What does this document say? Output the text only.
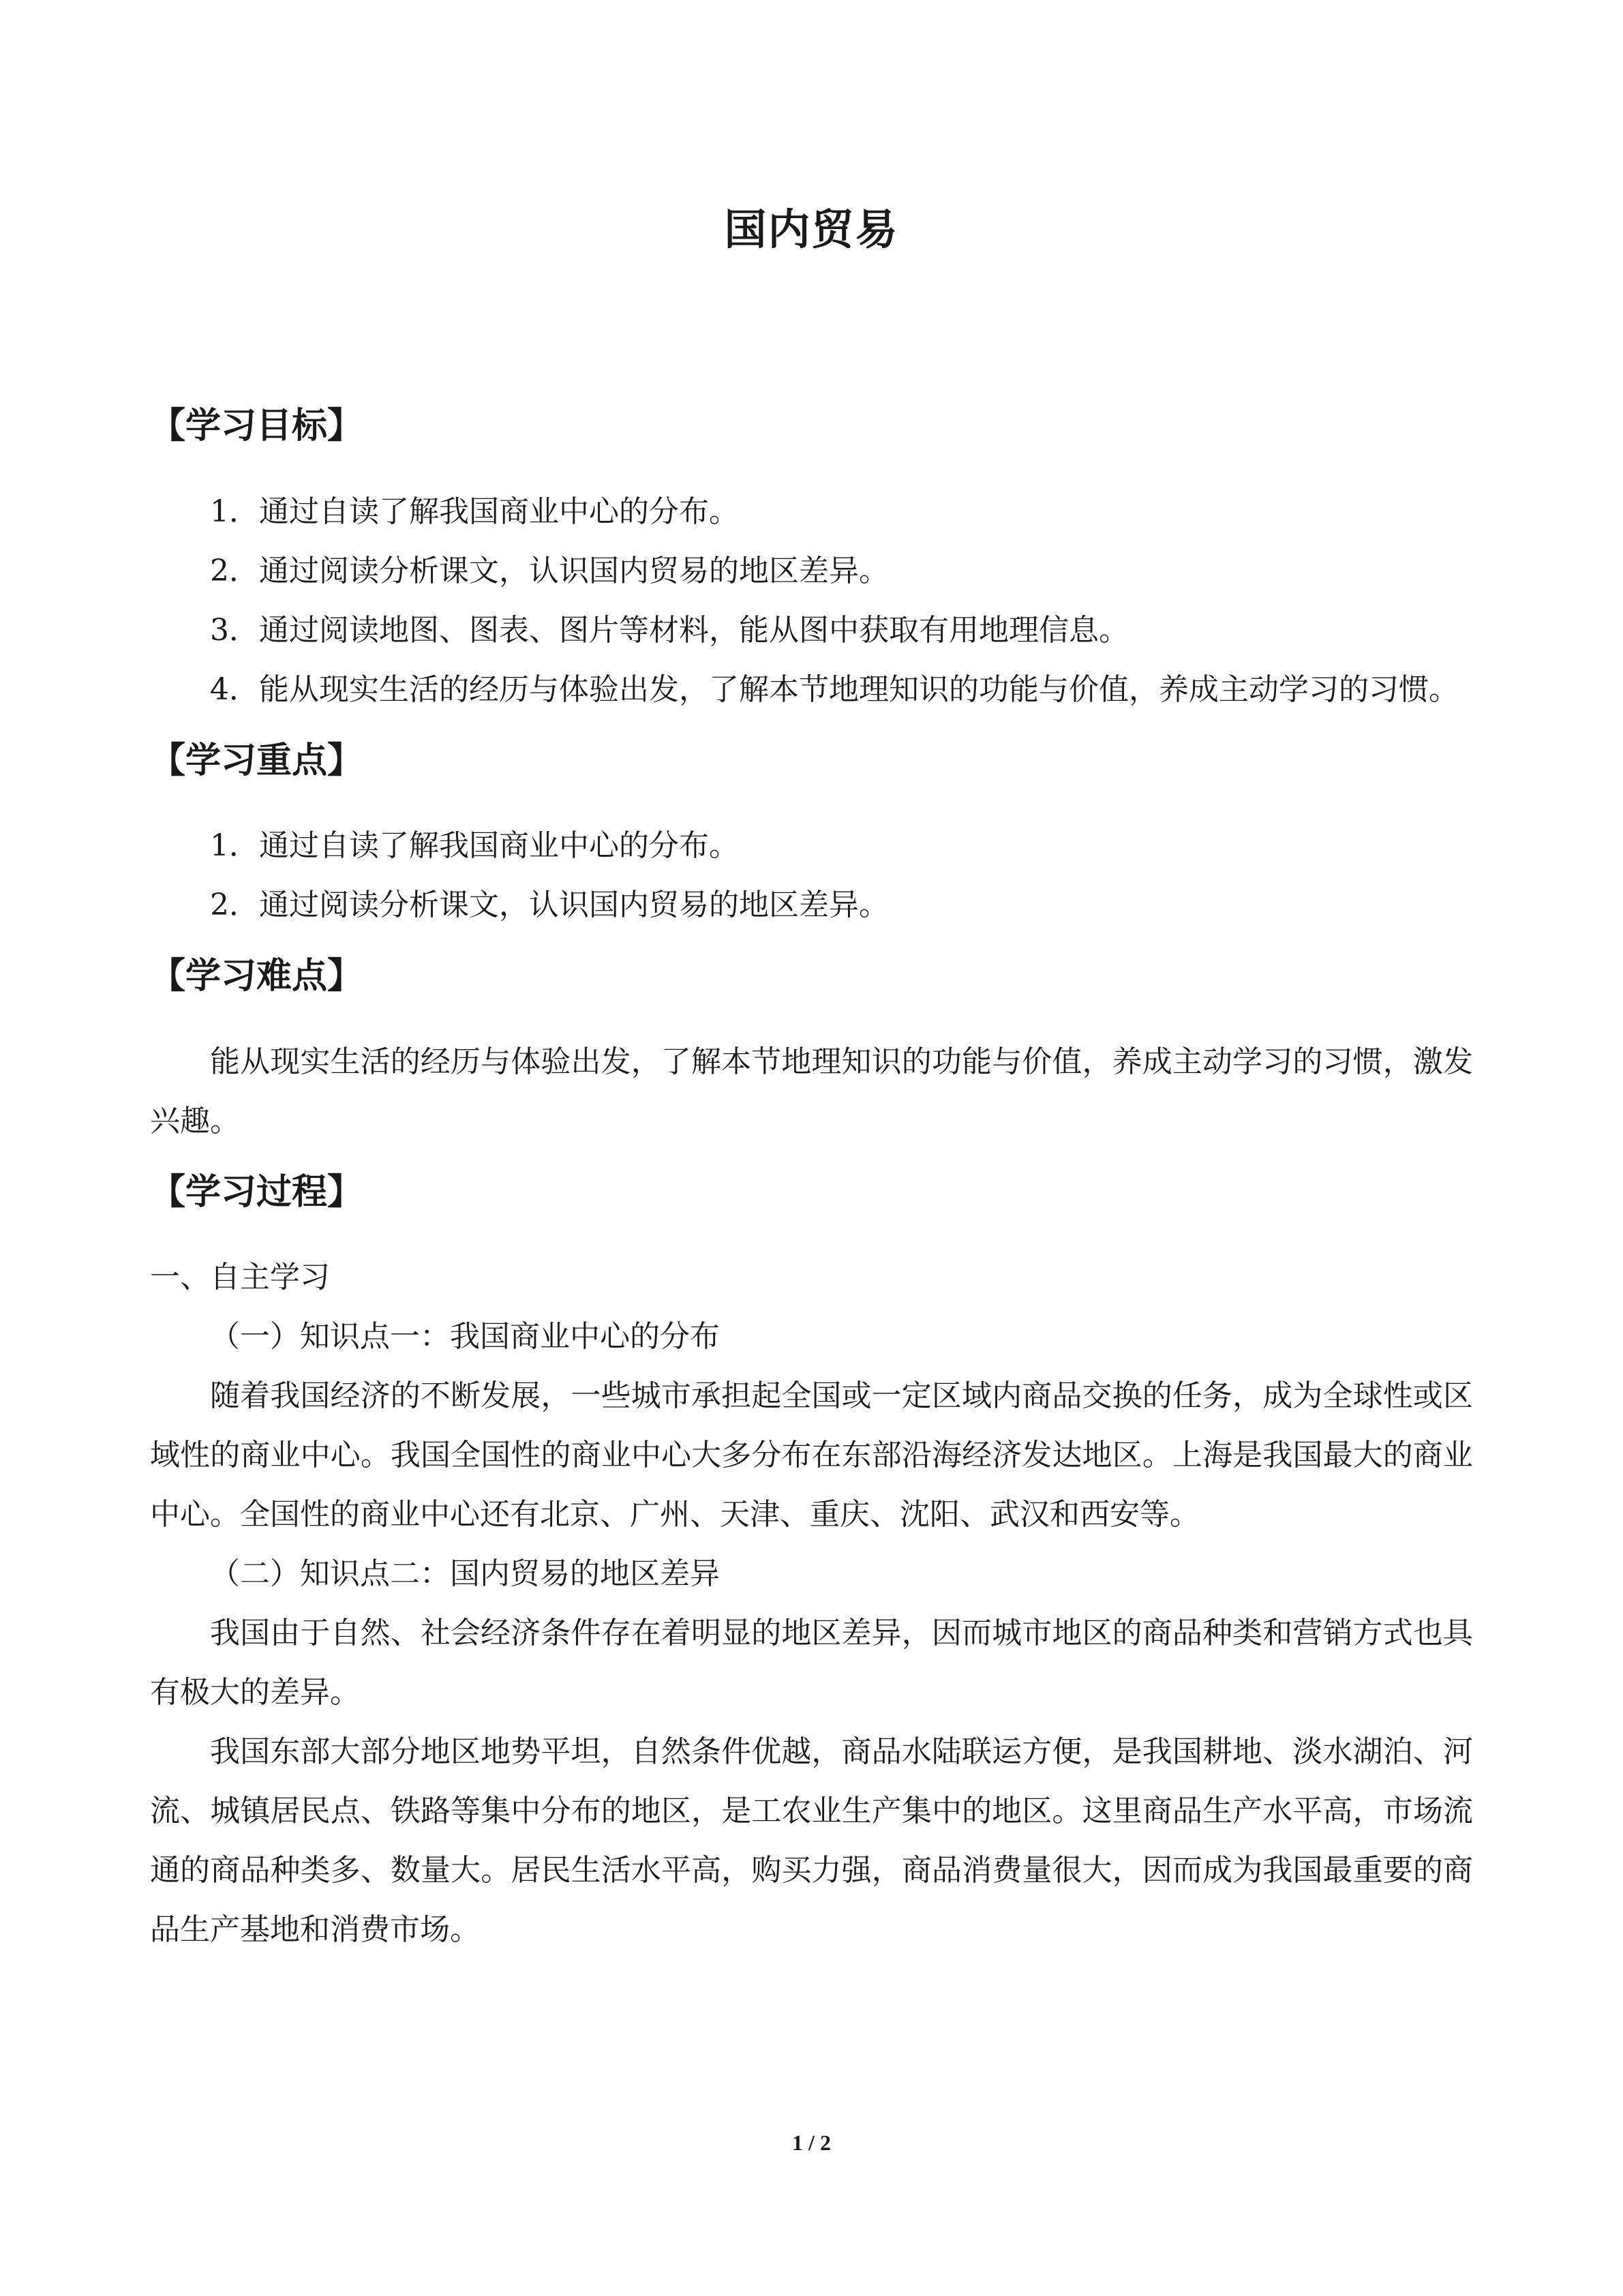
国内贸易
【学习目标】

1．通过自读了解我国商业中心的分布。

2．通过阅读分析课文，认识国内贸易的地区差异。

3．通过阅读地图、图表、图片等材料，能从图中获取有用地理信息。

4．能从现实生活的经历与体验出发，了解本节地理知识的功能与价值，养成主动学习的习惯。

【学习重点】

1．通过自读了解我国商业中心的分布。

2．通过阅读分析课文，认识国内贸易的地区差异。

【学习难点】

能从现实生活的经历与体验出发，了解本节地理知识的功能与价值，养成主动学习的习惯，激发兴趣。

【学习过程】

一、自主学习

（一）知识点一：我国商业中心的分布

随着我国经济的不断发展，一些城市承担起全国或一定区域内商品交换的任务，成为全球性或区域性的商业中心。我国全国性的商业中心大多分布在东部沿海经济发达地区。上海是我国最大的商业中心。全国性的商业中心还有北京、广州、天津、重庆、沈阳、武汉和西安等。

（二）知识点二：国内贸易的地区差异

我国由于自然、社会经济条件存在着明显的地区差异，因而城市地区的商品种类和营销方式也具有极大的差异。

我国东部大部分地区地势平坦，自然条件优越，商品水陆联运方便，是我国耕地、淡水湖泊、河流、城镇居民点、铁路等集中分布的地区，是工农业生产集中的地区。这里商品生产水平高，市场流通的商品种类多、数量大。居民生活水平高，购买力强，商品消费量很大，因而成为我国最重要的商品生产基地和消费市场。

1 / 2
